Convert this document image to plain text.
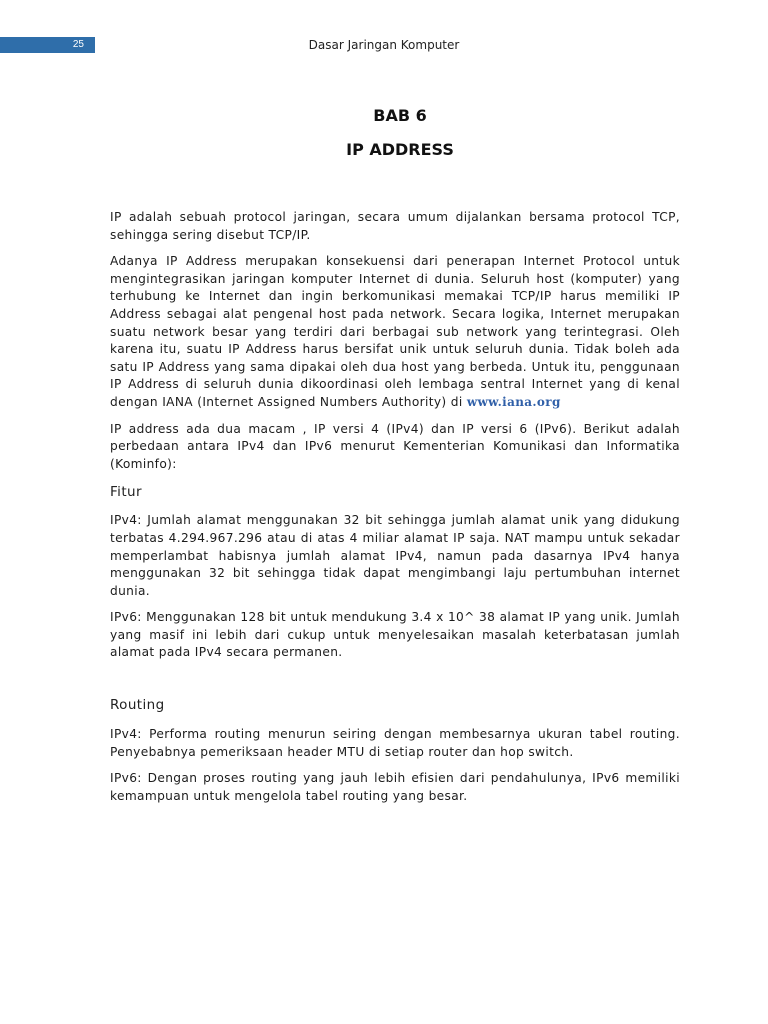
25	Dasar Jaringan Komputer
BAB 6
IP ADDRESS

IP adalah sebuah protocol jaringan, secara umum dijalankan bersama protocol TCP, sehingga sering disebut TCP/IP.

Adanya IP Address merupakan konsekuensi dari penerapan Internet Protocol untuk mengintegrasikan jaringan komputer Internet di dunia. Seluruh host (komputer) yang terhubung ke Internet dan ingin berkomunikasi memakai TCP/IP harus memiliki IP Address sebagai alat pengenal host pada network. Secara logika, Internet merupakan suatu network besar yang terdiri dari berbagai sub network yang terintegrasi. Oleh karena itu, suatu IP Address harus bersifat unik untuk seluruh dunia. Tidak boleh ada satu IP Address yang sama dipakai oleh dua host yang berbeda. Untuk itu, penggunaan IP Address di seluruh dunia dikoordinasi oleh lembaga sentral Internet yang di kenal dengan IANA (Internet Assigned Numbers Authority) di www.iana.org

IP address ada dua macam , IP versi 4 (IPv4) dan IP versi 6 (IPv6). Berikut adalah perbedaan antara IPv4 dan IPv6 menurut Kementerian Komunikasi dan Informatika (Kominfo):

Fitur

IPv4: Jumlah alamat menggunakan 32 bit sehingga jumlah alamat unik yang didukung terbatas 4.294.967.296 atau di atas 4 miliar alamat IP saja. NAT mampu untuk sekadar memperlambat habisnya jumlah alamat IPv4, namun pada dasarnya IPv4 hanya menggunakan 32 bit sehingga tidak dapat mengimbangi laju pertumbuhan internet dunia.

IPv6: Menggunakan 128 bit untuk mendukung 3.4 x 10^ 38 alamat IP yang unik. Jumlah yang masif ini lebih dari cukup untuk menyelesaikan masalah keterbatasan jumlah alamat pada IPv4 secara permanen.

Routing

IPv4: Performa routing menurun seiring dengan membesarnya ukuran tabel routing. Penyebabnya pemeriksaan header MTU di setiap router dan hop switch.

IPv6: Dengan proses routing yang jauh lebih efisien dari pendahulunya, IPv6 memiliki kemampuan untuk mengelola tabel routing yang besar.
